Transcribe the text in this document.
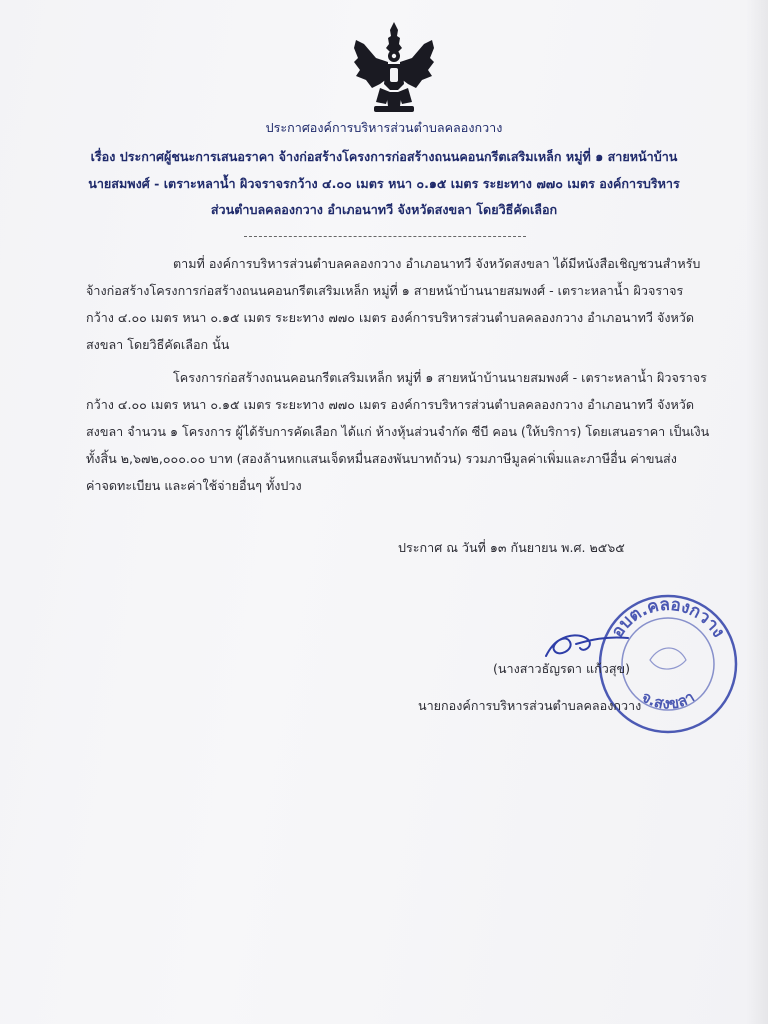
ประกาศองค์การบริหารส่วนตำบลคลองกวาง
เรื่อง ประกาศผู้ชนะการเสนอราคา จ้างก่อสร้างโครงการก่อสร้างถนนคอนกรีตเสริมเหล็ก หมู่ที่ ๑ สายหน้าบ้าน
นายสมพงศ์ - เตราะหลาน้ำ ผิวจราจรกว้าง ๔.๐๐ เมตร หนา ๐.๑๕ เมตร ระยะทาง ๗๗๐ เมตร องค์การบริหาร
ส่วนตำบลคลองกวาง อำเภอนาทวี จังหวัดสงขลา โดยวิธีคัดเลือก
ตามที่ องค์การบริหารส่วนตำบลคลองกวาง อำเภอนาทวี จังหวัดสงขลา ได้มีหนังสือเชิญชวนสำหรับ
จ้างก่อสร้างโครงการก่อสร้างถนนคอนกรีตเสริมเหล็ก หมู่ที่ ๑ สายหน้าบ้านนายสมพงศ์ - เตราะหลาน้ำ ผิวจราจร
กว้าง ๔.๐๐ เมตร หนา ๐.๑๕ เมตร ระยะทาง ๗๗๐ เมตร องค์การบริหารส่วนตำบลคลองกวาง อำเภอนาทวี จังหวัด
สงขลา โดยวิธีคัดเลือก นั้น
โครงการก่อสร้างถนนคอนกรีตเสริมเหล็ก หมู่ที่ ๑ สายหน้าบ้านนายสมพงศ์ - เตราะหลาน้ำ ผิวจราจร
กว้าง ๔.๐๐ เมตร หนา ๐.๑๕ เมตร ระยะทาง ๗๗๐ เมตร องค์การบริหารส่วนตำบลคลองกวาง อำเภอนาทวี จังหวัด
สงขลา จำนวน ๑ โครงการ ผู้ได้รับการคัดเลือก ได้แก่ ห้างหุ้นส่วนจำกัด ซีบี คอน (ให้บริการ) โดยเสนอราคา เป็นเงิน
ทั้งสิ้น ๒,๖๗๒,๐๐๐.๐๐ บาท (สองล้านหกแสนเจ็ดหมื่นสองพันบาทถ้วน) รวมภาษีมูลค่าเพิ่มและภาษีอื่น ค่าขนส่ง
ค่าจดทะเบียน และค่าใช้จ่ายอื่นๆ ทั้งปวง
ประกาศ ณ วันที่ ๑๓ กันยายน พ.ศ. ๒๕๖๕
อบต.คลองกวาง
จ.สงขลา
(นางสาวธัญรดา แก้วสุข)
นายกองค์การบริหารส่วนตำบลคลองกวาง
